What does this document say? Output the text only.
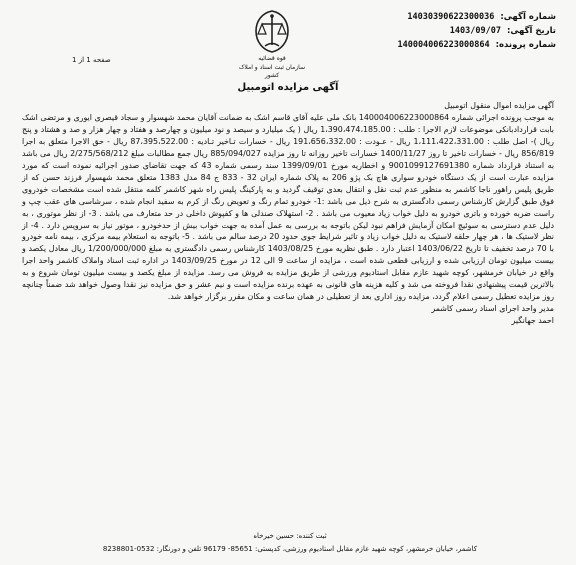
شماره آگهی:
14030390622300036
تاریخ آگهی:
1403/09/07
شماره پرونده:
140004006223000864
قوه قضائیه
سازمان ثبت اسناد و املاک کشور
صفحه 1 از 1
آگهی مزایده اتومبیل

آگهی مزایده اموال منقول اتومبیل

به موجب پرونده اجرائی شماره 140004006223000864 بانک ملی علیه آقای قاسم اشک به ضمانت آقایان محمد شهسوار و سجاد قیصری ایوری و مرتضی اشک بابت قراردادبانکی موضوعات لازم الاجرا : طلب : 1،390،474،185.00 ریال ( یک میلیارد و سیصد و نود میلیون و چهارصد و هفتاد و چهار هزار و صد و هشتاد و پنج ریال )- اصل طلب : 1،111،422،331.00 ریال - عـودت : 191،656،332.00 ریال - خسارات تـاخیر تـادیه : 87،395،522.00 ریال - حق الاجرا متعلق به اجرا 856/819 ریال - خسارات تاخیر تا روز 1400/11/27 خسارات تاخیر روزانه تا روز مزایده 885/094/027 ریال جمع مطالبات مبلغ 2/275/568/212 ریال می باشد به استناد قرارداد شماره 9001099127691380 و اخطاریه مورخ 1399/09/01 سند رسمی شماره 43 که جهت تقاضای صدور اجرائیه نموده است که مورد مزایده عبارت است از یک دستگاه خودرو سواری هاچ بک پژو 206 به پلاک شماره ایران 32 - 833 ج 84 مدل 1383 متعلق محمد شهسوار فرزند حسن که از طریق پلیس راهور ناجا کاشمر به منظور عدم ثبت نقل و انتقال بعدی توقیف گردید و به پارکینگ پلیس راه شهر کاشمر کلمه منتقل شده است مشخصات خودروی فوق طبق گزارش کارشناس رسمی دادگستری به شرح ذیل می باشد :1- خودرو تمام رنگ و تعویض رنگ از کرم به سفید انجام شده ، سرشاسی های عقب چپ و راست ضربه خورده و باتری خودرو به دلیل خواب زیاد معیوب می باشد . 2- استهلاک صندلی ها و کفپوش داخلی در حد متعارف می باشد . 3- از نظر موتوری ، به دلیل عدم دسترسی به سوئیچ امکان آزمایش فراهم نبود لیکن باتوجه به بررسی به عمل آمده به جهت خواب بیش از حدخودرو ، موتور نیاز به سرویس دارد . 4- از نظر لاستیک ها ، هر چهار حلقه لاستیک به دلیل خواب زیاد و تاثیر شرایط جوی حدود 20 درصد سالم می باشد . 5- باتوجه به استعلام بیمه مرکزی ، بیمه نامه خودرو با 70 درصد تخفیف تا تاریخ 1403/06/22 اعتبار دارد . طبق نظریه مورخ 1403/08/25 کارشناس رسمی دادگستری به مبلغ 1/200/000/000 ریال معادل یکصد و بیست میلیون تومان ارزیابی شده و ارزیابی قطعی شده است ، مزایده از ساعت 9 الی 12 در مورخ 1403/09/25 در اداره ثبت اسناد واملاک کاشمر واحد اجرا واقع در خیابان خرمشهر، کوچه شهید عازم مقابل استادیوم ورزشی از طریق مزایده به فروش می رسد. مزایده از مبلغ یکصد و بیست میلیون تومان شروع و به بالاترین قیمت پیشنهادی نقدا فروخته می شد و کلیه هزینه های قانونی به عهده برنده مزایده است و نیم عشر و حق مزایده نیز نقدا وصول خواهد شد ضمناً چنانچه روز مزایده تعطیل رسمی اعلام گردد، مزایده روز اداری بعد از تعطیلی در همان ساعت و مکان مقرر برگزار خواهد شد.

مدیر واحد اجرای اسناد رسمی کاشمر

احمد جهانگیر

ثبت کننده: حسین خیرخاه
کاشمر، خیابان خرمشهر، کوچه شهید عازم مقابل استادیوم ورزشی، کدپستی: 85651- 96179 تلفن و دورنگار: 0532-8238801
